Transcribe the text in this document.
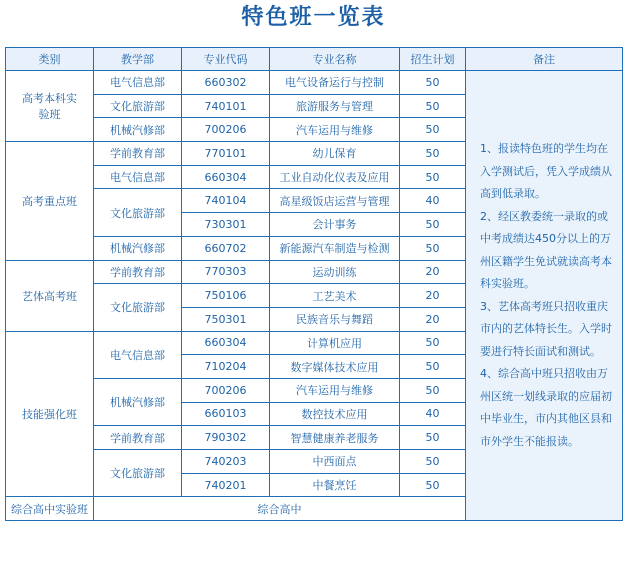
特色班一览表
类别	教学部	专业代码	专业名称	招生计划	备注
高考本科实验班	电气信息部	660302	电气设备运行与控制	50	1、报读特色班的学生均在入学测试后，凭入学成绩从高到低录取。

2、经区教委统一录取的或中考成绩达450分以上的万州区籍学生免试就读高考本科实验班。

3、艺体高考班只招收重庆市内的艺体特长生。入学时要进行特长面试和测试。

4、综合高中班只招收由万州区统一划线录取的应届初中毕业生，市内其他区县和市外学生不能报读。

	文化旅游部	740101	旅游服务与管理	50	
	机械汽修部	700206	汽车运用与维修	50	
高考重点班	学前教育部	770101	幼儿保育	50	
	电气信息部	660304	工业自动化仪表及应用	50	
	文化旅游部	740104	高星级饭店运营与管理	40	
		730301	会计事务	50	
	机械汽修部	660702	新能源汽车制造与检测	50	
艺体高考班	学前教育部	770303	运动训练	20	
	文化旅游部	750106	工艺美术	20	
		750301	民族音乐与舞蹈	20	
技能强化班	电气信息部	660304	计算机应用	50	
		710204	数字媒体技术应用	50	
	机械汽修部	700206	汽车运用与维修	50	
		660103	数控技术应用	40	
	学前教育部	790302	智慧健康养老服务	50	
	文化旅游部	740203	中西面点	50	
		740201	中餐烹饪	50	
综合高中实验班	综合高中				
